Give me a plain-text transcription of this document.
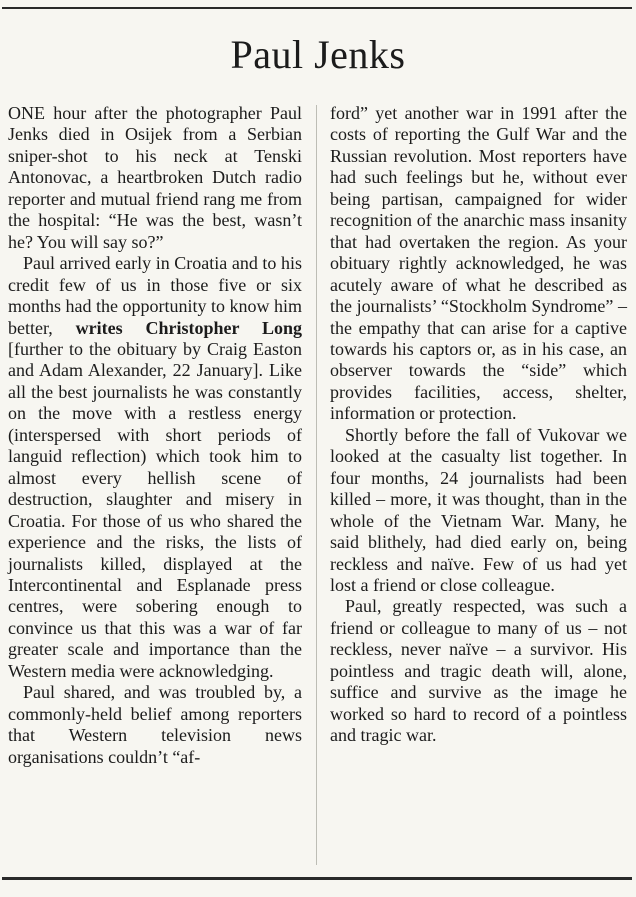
Paul Jenks

ONE hour after the photographer Paul Jenks died in Osijek from a Serbian sniper-shot to his neck at Tenski Antonovac, a heartbroken Dutch radio reporter and mutual friend rang me from the hospital: “He was the best, wasn’t he? You will say so?”

Paul arrived early in Croatia and to his credit few of us in those five or six months had the opportunity to know him better, writes Christopher Long [further to the obituary by Craig Easton and Adam Alexander, 22 January]. Like all the best journalists he was constantly on the move with a restless energy (interspersed with short periods of languid reflection) which took him to almost every hellish scene of destruction, slaughter and misery in Croatia. For those of us who shared the experience and the risks, the lists of journalists killed, displayed at the Intercontinental and Esplanade press centres, were sobering enough to convince us that this was a war of far greater scale and importance than the Western media were acknowledging.

Paul shared, and was troubled by, a commonly-held belief among reporters that Western television news organisations couldn’t “af-

ford” yet another war in 1991 after the costs of reporting the Gulf War and the Russian revolution. Most reporters have had such feelings but he, without ever being partisan, campaigned for wider recognition of the anarchic mass insanity that had overtaken the region. As your obituary rightly acknowledged, he was acutely aware of what he described as the journalists’ “Stockholm Syndrome” – the empathy that can arise for a captive towards his captors or, as in his case, an observer towards the “side” which provides facilities, access, shelter, information or protection.

Shortly before the fall of Vukovar we looked at the casualty list together. In four months, 24 journalists had been killed – more, it was thought, than in the whole of the Vietnam War. Many, he said blithely, had died early on, being reckless and naïve. Few of us had yet lost a friend or close colleague.

Paul, greatly respected, was such a friend or colleague to many of us – not reckless, never naïve – a survivor. His pointless and tragic death will, alone, suffice and survive as the image he worked so hard to record of a pointless and tragic war.
